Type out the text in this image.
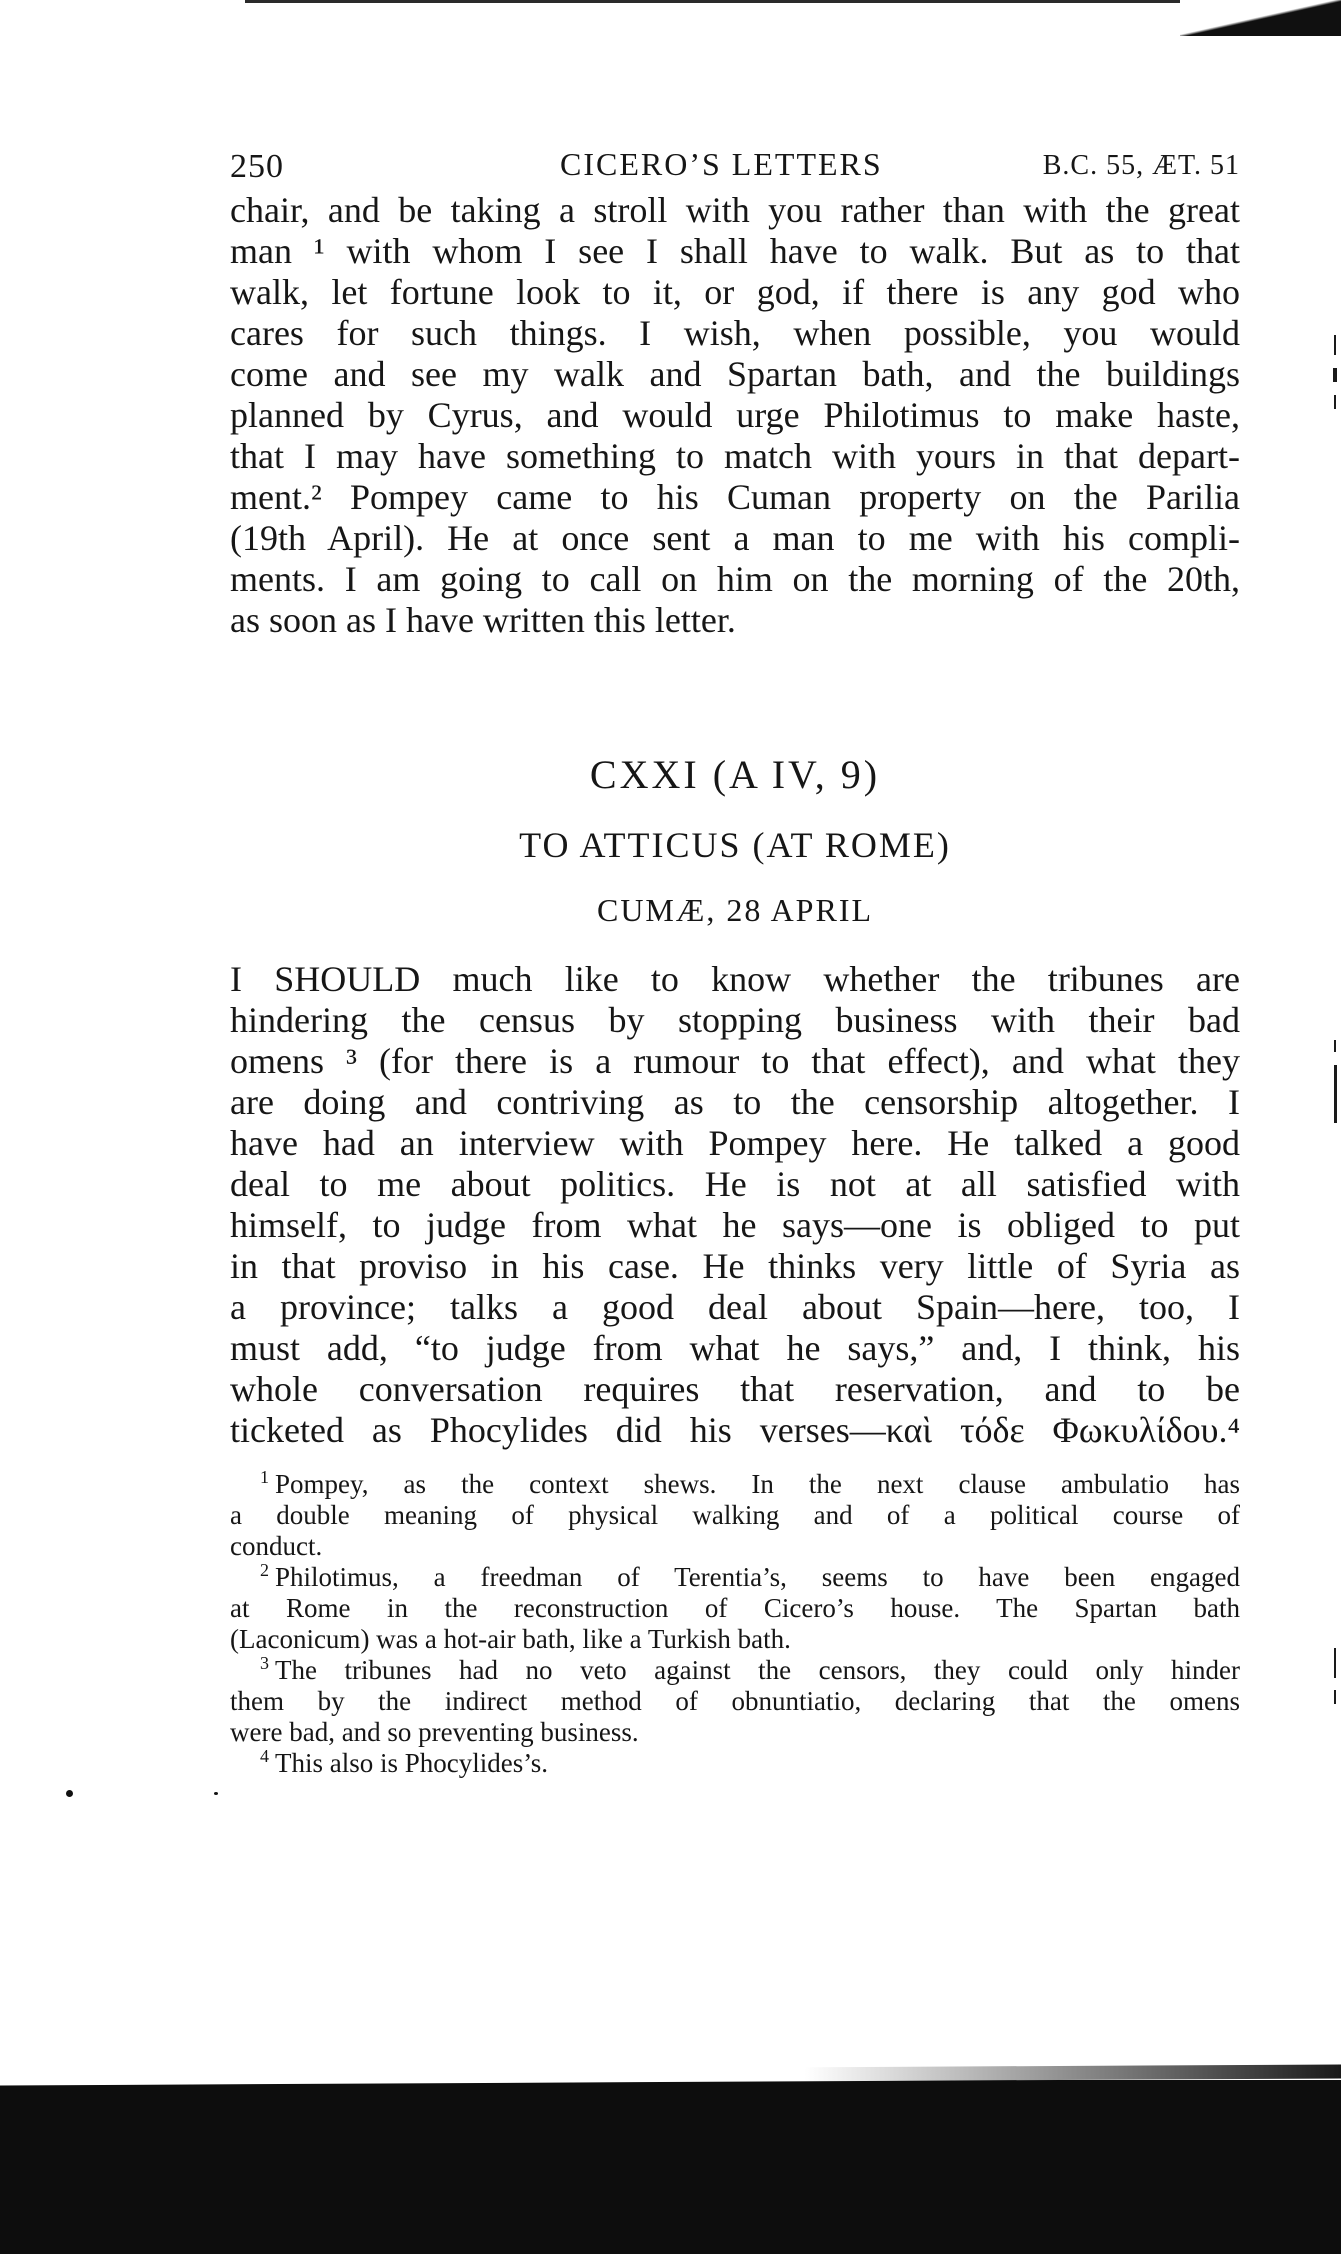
250	CICERO’S LETTERS	B.C. 55, ÆT. 51
chair, and be taking a stroll with you rather than with the great
man ¹ with whom I see I shall have to walk. But as to that
walk, let fortune look to it, or god, if there is any god who
cares for such things. I wish, when possible, you would
come and see my walk and Spartan bath, and the buildings
planned by Cyrus, and would urge Philotimus to make haste,
that I may have something to match with yours in that depart-
ment.² Pompey came to his Cuman property on the Parilia
(19th April). He at once sent a man to me with his compli-
ments. I am going to call on him on the morning of the 20th,
as soon as I have written this letter.
CXXI (A IV, 9)
TO ATTICUS (AT ROME)
CUMÆ, 28 APRIL
I SHOULD much like to know whether the tribunes are
hindering the census by stopping business with their bad
omens ³ (for there is a rumour to that effect), and what they
are doing and contriving as to the censorship altogether. I
have had an interview with Pompey here. He talked a good
deal to me about politics. He is not at all satisfied with
himself, to judge from what he says—one is obliged to put
in that proviso in his case. He thinks very little of Syria as
a province; talks a good deal about Spain—here, too, I
must add, “to judge from what he says,” and, I think, his
whole conversation requires that reservation, and to be
ticketed as Phocylides did his verses—καὶ τόδε Φωκυλίδου.⁴
$^1$ Pompey, as the context shews. In the next clause ambulatio has
a double meaning of physical walking and of a political course of
conduct.
$^2$ Philotimus, a freedman of Terentia’s, seems to have been engaged
at Rome in the reconstruction of Cicero’s house. The Spartan bath
(Laconicum) was a hot-air bath, like a Turkish bath.
$^3$ The tribunes had no veto against the censors, they could only hinder
them by the indirect method of obnuntiatio, declaring that the omens
were bad, and so preventing business.
$^4$ This also is Phocylides’s.
